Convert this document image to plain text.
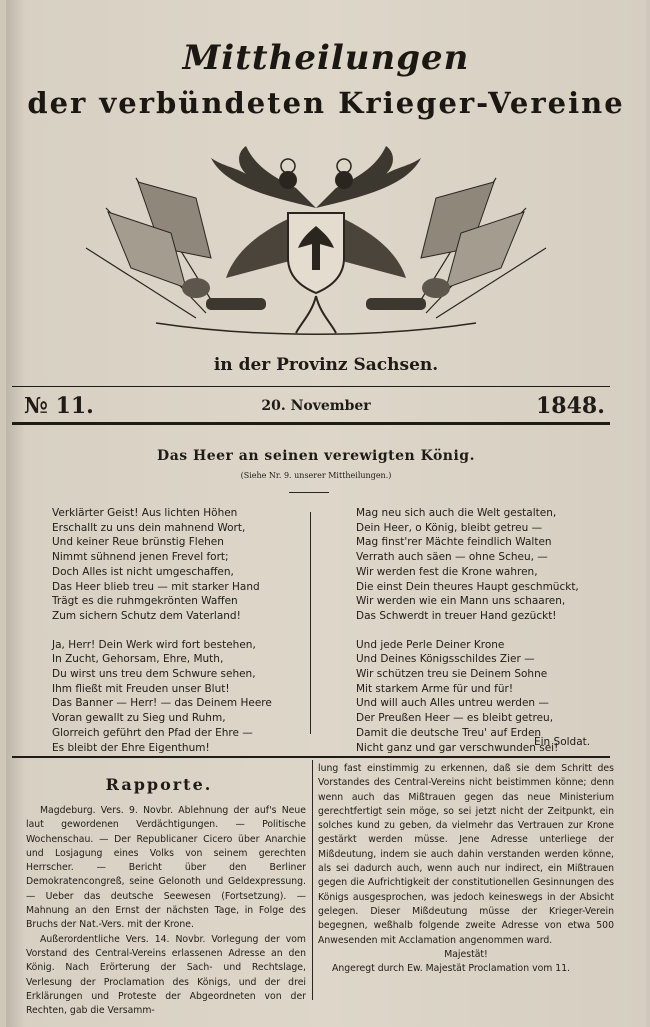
Mittheilungen
der verbündeten Krieger-Vereine
in der Provinz Sachsen.
№ 11.	20. November	1848.
Das Heer an seinen verewigten König.
(Siehe Nr. 9. unserer Mittheilungen.)
Verklärter Geist! Aus lichten Höhen
Erschallt zu uns dein mahnend Wort,
Und keiner Reue brünstig Flehen
Nimmt sühnend jenen Frevel fort;
Doch Alles ist nicht umgeschaffen,
Das Heer blieb treu — mit starker Hand
Trägt es die ruhmgekrönten Waffen
Zum sichern Schutz dem Vaterland!
Ja, Herr! Dein Werk wird fort bestehen,
In Zucht, Gehorsam, Ehre, Muth,
Du wirst uns treu dem Schwure sehen,
Ihm fließt mit Freuden unser Blut!
Das Banner — Herr! — das Deinem Heere
Voran gewallt zu Sieg und Ruhm,
Glorreich geführt den Pfad der Ehre —
Es bleibt der Ehre Eigenthum!
Mag neu sich auch die Welt gestalten,
Dein Heer, o König, bleibt getreu —
Mag finst'rer Mächte feindlich Walten
Verrath auch säen — ohne Scheu, —
Wir werden fest die Krone wahren,
Die einst Dein theures Haupt geschmückt,
Wir werden wie ein Mann uns schaaren,
Das Schwerdt in treuer Hand gezückt!
Und jede Perle Deiner Krone
Und Deines Königsschildes Zier —
Wir schützen treu sie Deinem Sohne
Mit starkem Arme für und für!
Und will auch Alles untreu werden —
Der Preußen Heer — es bleibt getreu,
Damit die deutsche Treu' auf Erden
Nicht ganz und gar verschwunden sei!
Ein Soldat.
Rapporte.

Magdeburg. Vers. 9. Novbr. Ablehnung der auf's Neue laut gewordenen Verdächtigungen. — Politische Wochenschau. — Der Republicaner Cicero über Anarchie und Losjagung eines Volks von seinem gerechten Herrscher. — Bericht über den Berliner Demokratencongreß, seine Gelonoth und Geldexpressung. — Ueber das deutsche Seewesen (Fortsetzung). — Mahnung an den Ernst der nächsten Tage, in Folge des Bruchs der Nat.-Vers. mit der Krone.

Außerordentliche Vers. 14. Novbr. Vorlegung der vom Vorstand des Central-Vereins erlassenen Adresse an den König. Nach Erörterung der Sach- und Rechtslage, Verlesung der Proclamation des Königs, und der drei Erklärungen und Proteste der Abgeordneten von der Rechten, gab die Versamm-

lung fast einstimmig zu erkennen, daß sie dem Schritt des Vorstandes des Central-Vereins nicht beistimmen könne; denn wenn auch das Mißtrauen gegen das neue Ministerium gerechtfertigt sein möge, so sei jetzt nicht der Zeitpunkt, ein solches kund zu geben, da vielmehr das Vertrauen zur Krone gestärkt werden müsse. Jene Adresse unterliege der Mißdeutung, indem sie auch dahin verstanden werden könne, als sei dadurch auch, wenn auch nur indirect, ein Mißtrauen gegen die Aufrichtigkeit der constitutionellen Gesinnungen des Königs ausgesprochen, was jedoch keineswegs in der Absicht gelegen. Dieser Mißdeutung müsse der Krieger-Verein begegnen, weßhalb folgende zweite Adresse von etwa 500 Anwesenden mit Acclamation angenommen ward.

Majestät!

Angeregt durch Ew. Majestät Proclamation vom 11.
